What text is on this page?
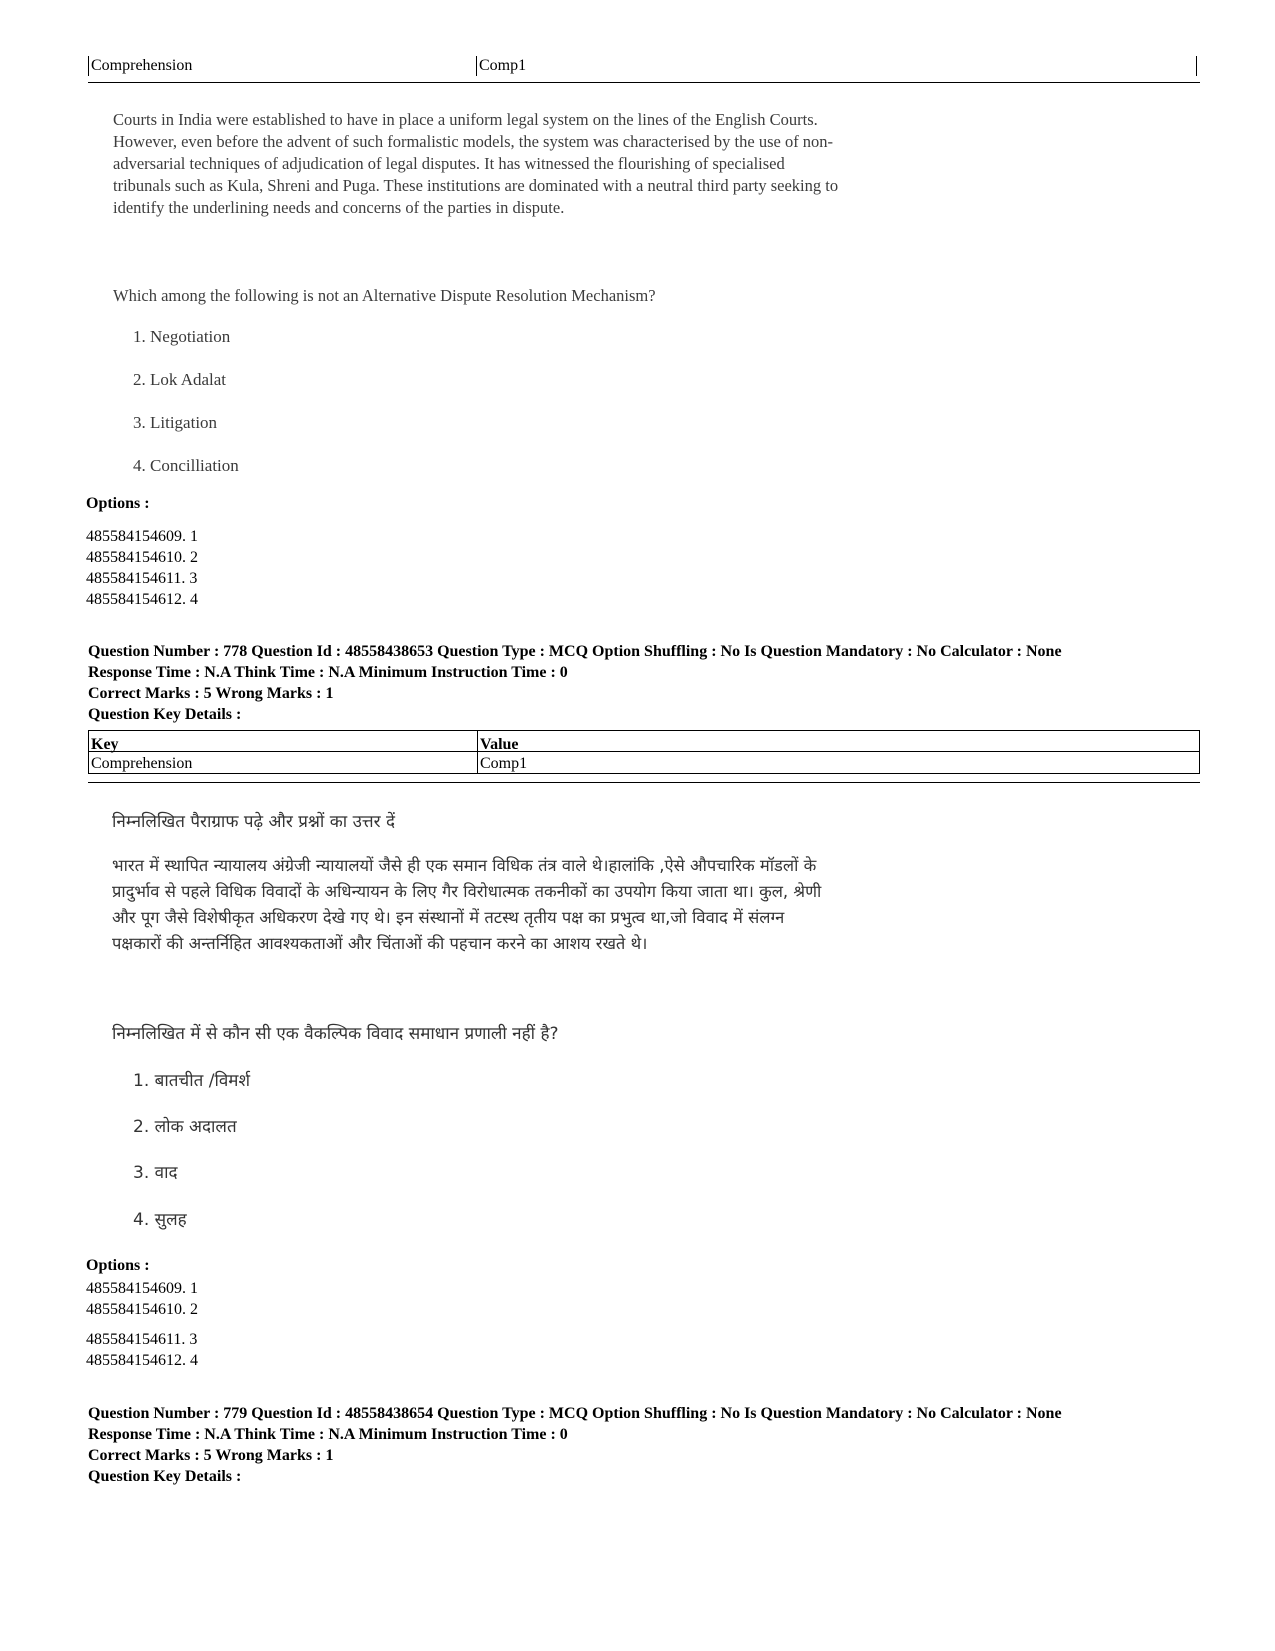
Comprehension	Comp1
Courts in India were established to have in place a uniform legal system on the lines of the English Courts.
However, even before the advent of such formalistic models, the system was characterised by the use of non-
adversarial techniques of adjudication of legal disputes. It has witnessed the flourishing of specialised
tribunals such as Kula, Shreni and Puga. These institutions are dominated with a neutral third party seeking to
identify the underlining needs and concerns of the parties in dispute.
Which among the following is not an Alternative Dispute Resolution Mechanism?
1. Negotiation
2. Lok Adalat
3. Litigation
4. Concilliation
Options :
485584154609. 1
485584154610. 2
485584154611. 3
485584154612. 4
Question Number : 778 Question Id : 48558438653 Question Type : MCQ Option Shuffling : No Is Question Mandatory : No Calculator : None
Response Time : N.A Think Time : N.A Minimum Instruction Time : 0
Correct Marks : 5 Wrong Marks : 1
Question Key Details :
Key	Value
Comprehension	Comp1
निम्नलिखित पैराग्राफ पढ़े और प्रश्नों का उत्तर दें
भारत में स्थापित न्यायालय अंग्रेजी न्यायालयों जैसे ही एक समान विधिक तंत्र वाले थे।हालांकि ,ऐसे औपचारिक मॉडलों के
प्रादुर्भाव से पहले विधिक विवादों के अधिन्यायन के लिए गैर विरोधात्मक तकनीकों का उपयोग किया जाता था। कुल, श्रेणी
और पूग जैसे विशेषीकृत अधिकरण देखे गए थे। इन संस्थानों में तटस्थ तृतीय पक्ष का प्रभुत्व था,जो विवाद में संलग्न
पक्षकारों की अन्तर्निहित आवश्यकताओं और चिंताओं की पहचान करने का आशय रखते थे।
निम्नलिखित में से कौन सी एक वैकल्पिक विवाद समाधान प्रणाली नहीं है?
1. बातचीत /विमर्श
2. लोक अदालत
3. वाद
4. सुलह
Options :
485584154609. 1
485584154610. 2
485584154611. 3
485584154612. 4
Question Number : 779 Question Id : 48558438654 Question Type : MCQ Option Shuffling : No Is Question Mandatory : No Calculator : None
Response Time : N.A Think Time : N.A Minimum Instruction Time : 0
Correct Marks : 5 Wrong Marks : 1
Question Key Details :
